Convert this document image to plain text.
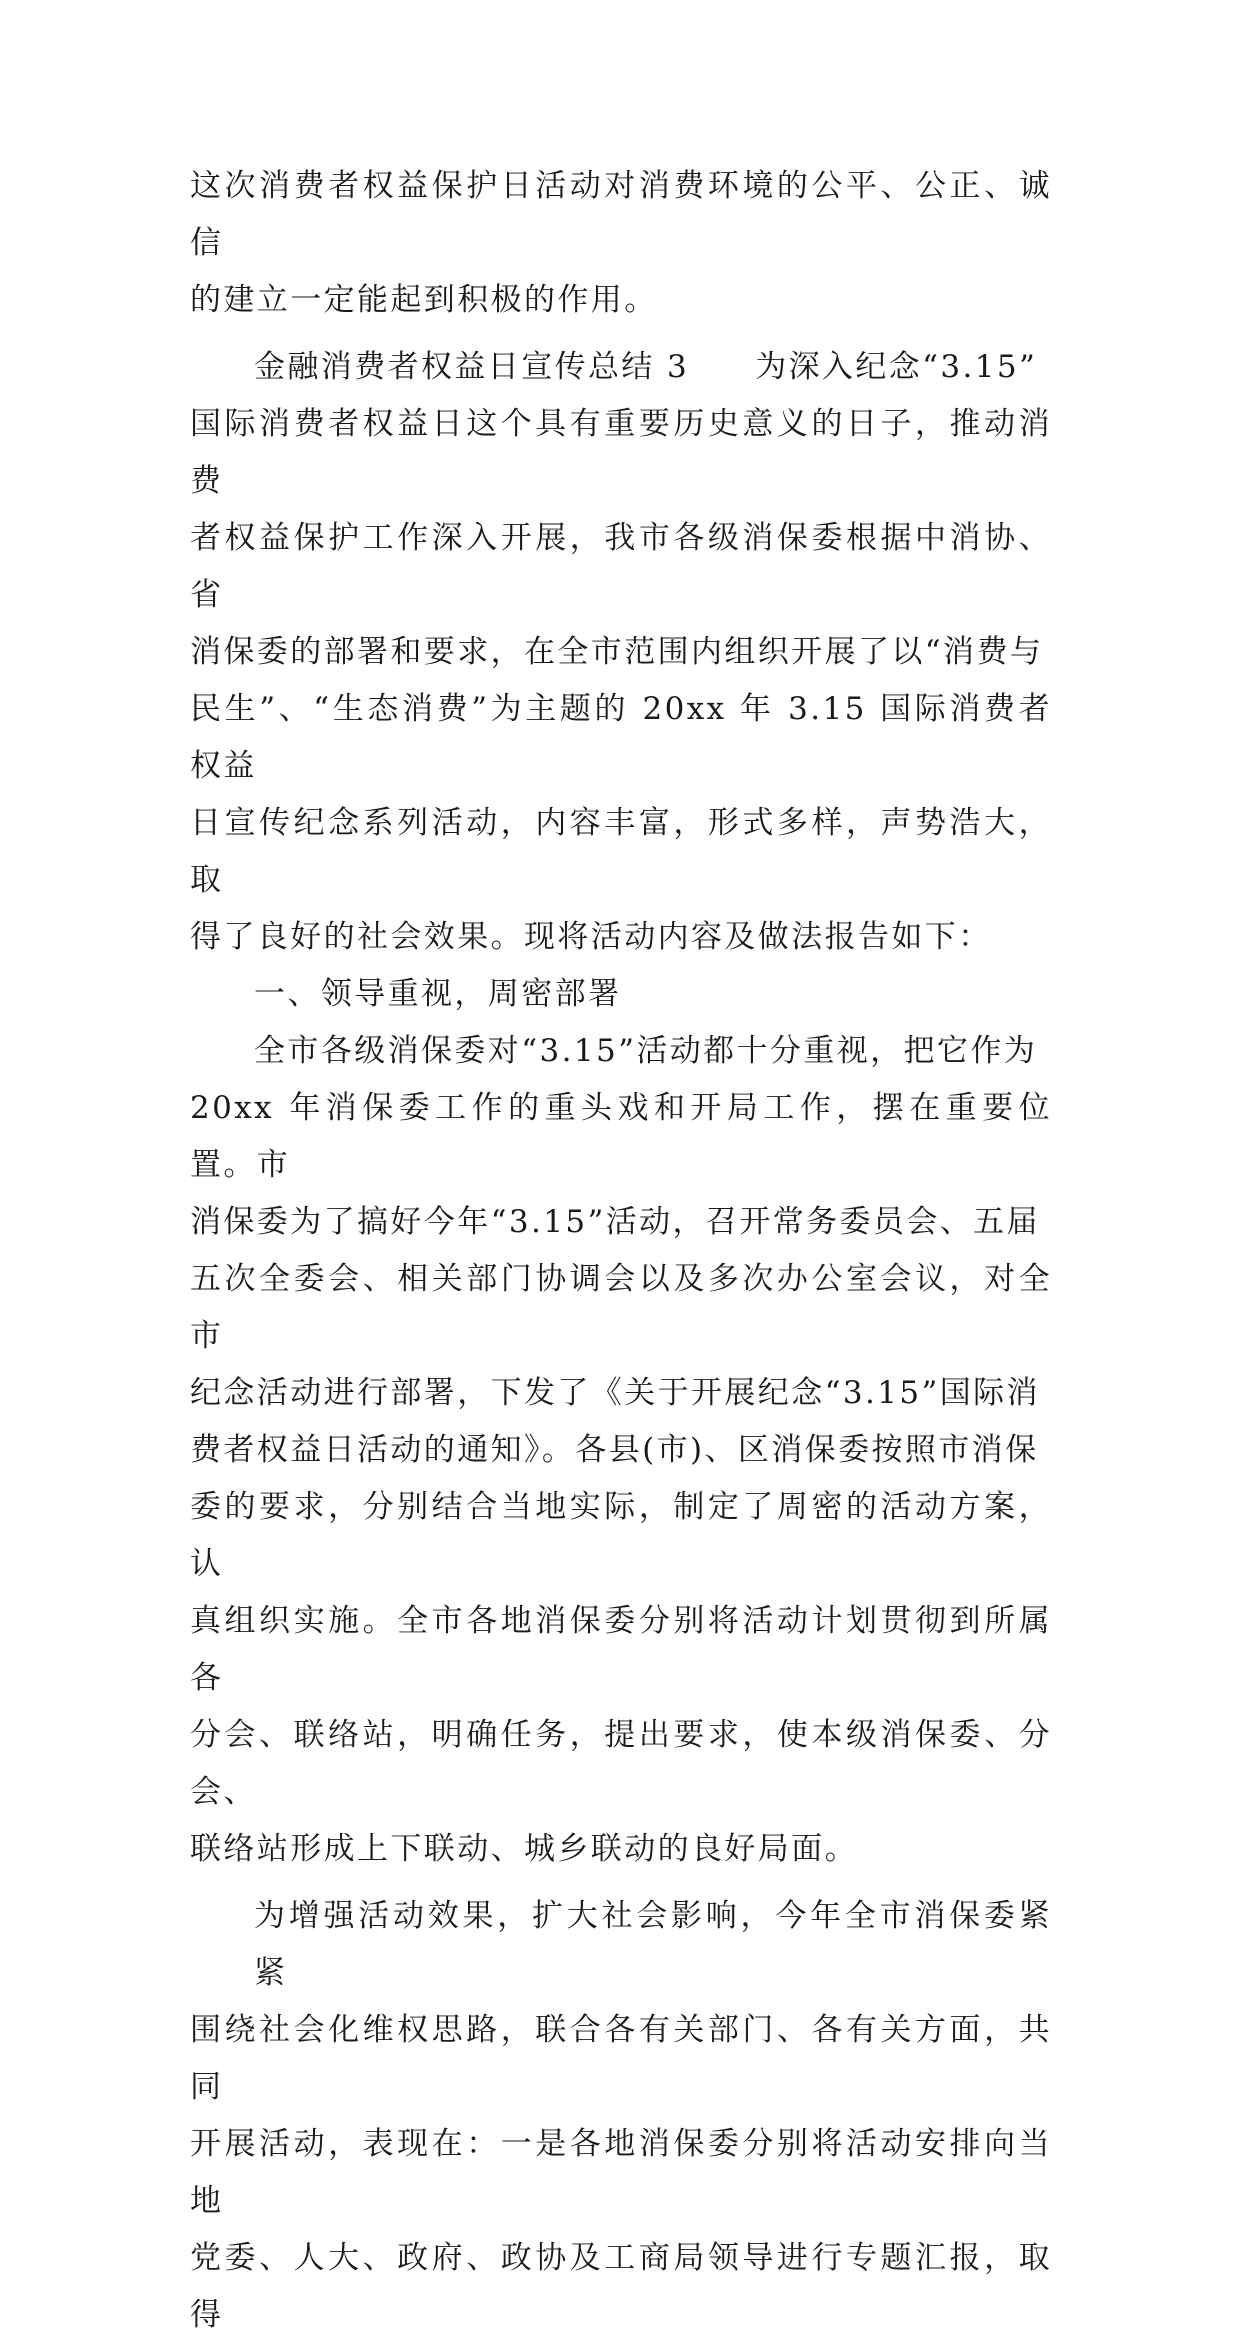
这次消费者权益保护日活动对消费环境的公平、公正、诚信
的建立一定能起到积极的作用。
金融消费者权益日宣传总结 3 为深入纪念“3.15”
国际消费者权益日这个具有重要历史意义的日子，推动消费
者权益保护工作深入开展，我市各级消保委根据中消协、省
消保委的部署和要求，在全市范围内组织开展了以“消费与
民生”、“生态消费”为主题的 20xx 年 3.15 国际消费者权益
日宣传纪念系列活动，内容丰富，形式多样，声势浩大，取
得了良好的社会效果。现将活动内容及做法报告如下：
一、领导重视，周密部署
全市各级消保委对“3.15”活动都十分重视，把它作为
20xx 年消保委工作的重头戏和开局工作，摆在重要位置。市
消保委为了搞好今年“3.15”活动，召开常务委员会、五届
五次全委会、相关部门协调会以及多次办公室会议，对全市
纪念活动进行部署，下发了《关于开展纪念“3.15”国际消
费者权益日活动的通知》。各县(市)、区消保委按照市消保
委的要求，分别结合当地实际，制定了周密的活动方案，认
真组织实施。全市各地消保委分别将活动计划贯彻到所属各
分会、联络站，明确任务，提出要求，使本级消保委、分会、
联络站形成上下联动、城乡联动的良好局面。
为增强活动效果，扩大社会影响，今年全市消保委紧紧
围绕社会化维权思路，联合各有关部门、各有关方面，共同
开展活动，表现在：一是各地消保委分别将活动安排向当地
党委、人大、政府、政协及工商局领导进行专题汇报，取得
